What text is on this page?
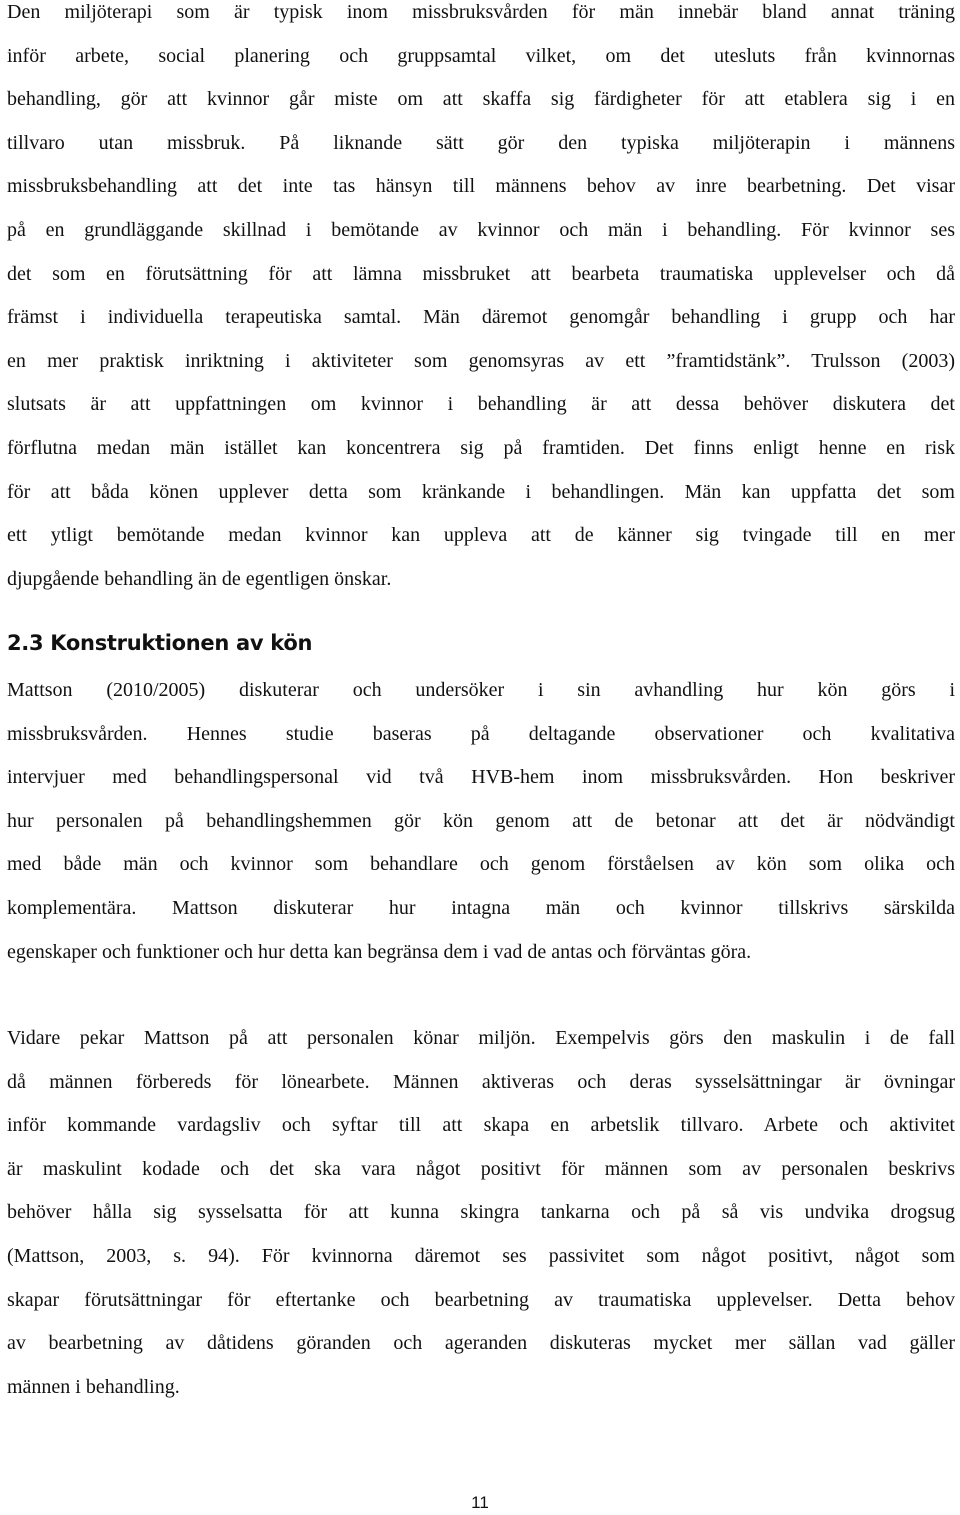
Den miljöterapi som är typisk inom missbruksvården för män innebär bland annat träning
inför arbete, social planering och gruppsamtal vilket, om det utesluts från kvinnornas
behandling, gör att kvinnor går miste om att skaffa sig färdigheter för att etablera sig i en
tillvaro utan missbruk. På liknande sätt gör den typiska miljöterapin i männens
missbruksbehandling att det inte tas hänsyn till männens behov av inre bearbetning. Det visar
på en grundläggande skillnad i bemötande av kvinnor och män i behandling. För kvinnor ses
det som en förutsättning för att lämna missbruket att bearbeta traumatiska upplevelser och då
främst i individuella terapeutiska samtal. Män däremot genomgår behandling i grupp och har
en mer praktisk inriktning i aktiviteter som genomsyras av ett ”framtidstänk”. Trulsson (2003)
slutsats är att uppfattningen om kvinnor i behandling är att dessa behöver diskutera det
förflutna medan män istället kan koncentrera sig på framtiden. Det finns enligt henne en risk
för att båda könen upplever detta som kränkande i behandlingen. Män kan uppfatta det som
ett ytligt bemötande medan kvinnor kan uppleva att de känner sig tvingade till en mer
djupgående behandling än de egentligen önskar.

2.3 Konstruktionen av kön

Mattson (2010/2005) diskuterar och undersöker i sin avhandling hur kön görs i
missbruksvården. Hennes studie baseras på deltagande observationer och kvalitativa
intervjuer med behandlingspersonal vid två HVB-hem inom missbruksvården. Hon beskriver
hur personalen på behandlingshemmen gör kön genom att de betonar att det är nödvändigt
med både män och kvinnor som behandlare och genom förståelsen av kön som olika och
komplementära. Mattson diskuterar hur intagna män och kvinnor tillskrivs särskilda
egenskaper och funktioner och hur detta kan begränsa dem i vad de antas och förväntas göra.

Vidare pekar Mattson på att personalen könar miljön. Exempelvis görs den maskulin i de fall
då männen förbereds för lönearbete. Männen aktiveras och deras sysselsättningar är övningar
inför kommande vardagsliv och syftar till att skapa en arbetslik tillvaro. Arbete och aktivitet
är maskulint kodade och det ska vara något positivt för männen som av personalen beskrivs
behöver hålla sig sysselsatta för att kunna skingra tankarna och på så vis undvika drogsug
(Mattson, 2003, s. 94). För kvinnorna däremot ses passivitet som något positivt, något som
skapar förutsättningar för eftertanke och bearbetning av traumatiska upplevelser. Detta behov
av bearbetning av dåtidens göranden och ageranden diskuteras mycket mer sällan vad gäller
männen i behandling.

11
